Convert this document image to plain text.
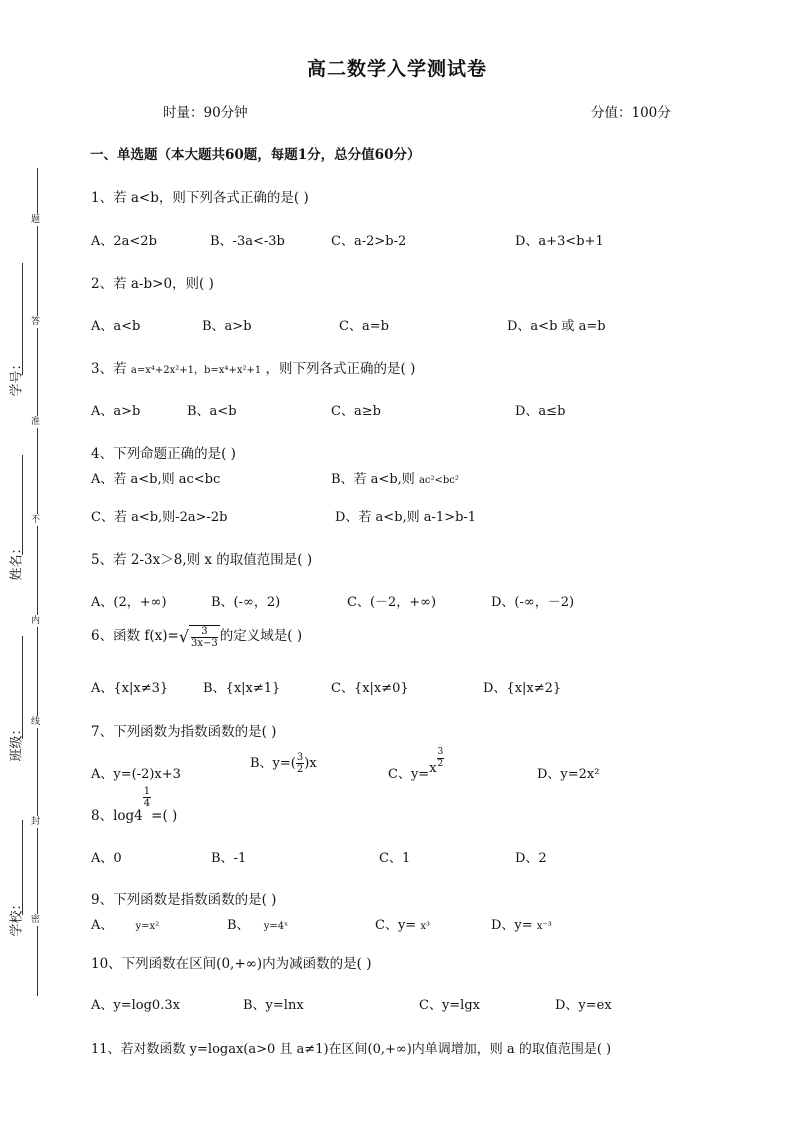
高二数学入学测试卷
时量：90分钟	分值：100分
一、单选题（本大题共60题，每题1分，总分值60分）
题
答
准
不
内
线
封
密
学号：
姓名：
班级：
学校：
1、若 a<b，则下列各式正确的是( )
A、2a<2b	B、-3a<-3b	C、a-2>b-2	D、a+3<b+1
2、若 a-b>0，则( )
A、a<b	B、a>b	C、a=b	D、a<b 或 a=b
3、若 a=x⁴+2x²+1，b=x⁴+x²+1 ，则下列各式正确的是( )
A、a>b	B、a<b	C、a≥b	D、a≤b
4、下列命题正确的是( )
A、若 a<b,则 ac<bc	B、若 a<b,则 ac²<bc²
C、若 a<b,则-2a>-2b	D、若 a<b,则 a-1>b-1
5、若 2-3x＞8,则 x 的取值范围是( )
A、(2，+∞)	B、(-∞，2)	C、(－2，+∞)	D、(-∞，－2)
6、函数 $f(x)=√ \frac{3}{3x-3}$ 的定义域是( )
A、{x|x≠3}	B、{x|x≠1}	C、{x|x≠0}	D、{x|x≠2}
7、下列函数为指数函数的是( )
A、y=(-2)x+3
B、$y=( \frac{3}{2} )x$
C、$y=x \frac{3}{2}$
D、y=2x²
8、log4
$\frac{1}{4}$
=( )
A、0	B、-1	C、1	D、2
9、下列函数是指数函数的是( )
A、 y=x²	B、 y=4ˣ	C、y= x³	D、y= x⁻³
10、下列函数在区间(0,+∞)内为减函数的是( )
A、y=log0.3x	B、y=lnx	C、y=lgx	D、y=ex
11、若对数函数 y=logax(a>0 且 a≠1)在区间(0,+∞)内单调增加，则 a 的取值范围是( )
